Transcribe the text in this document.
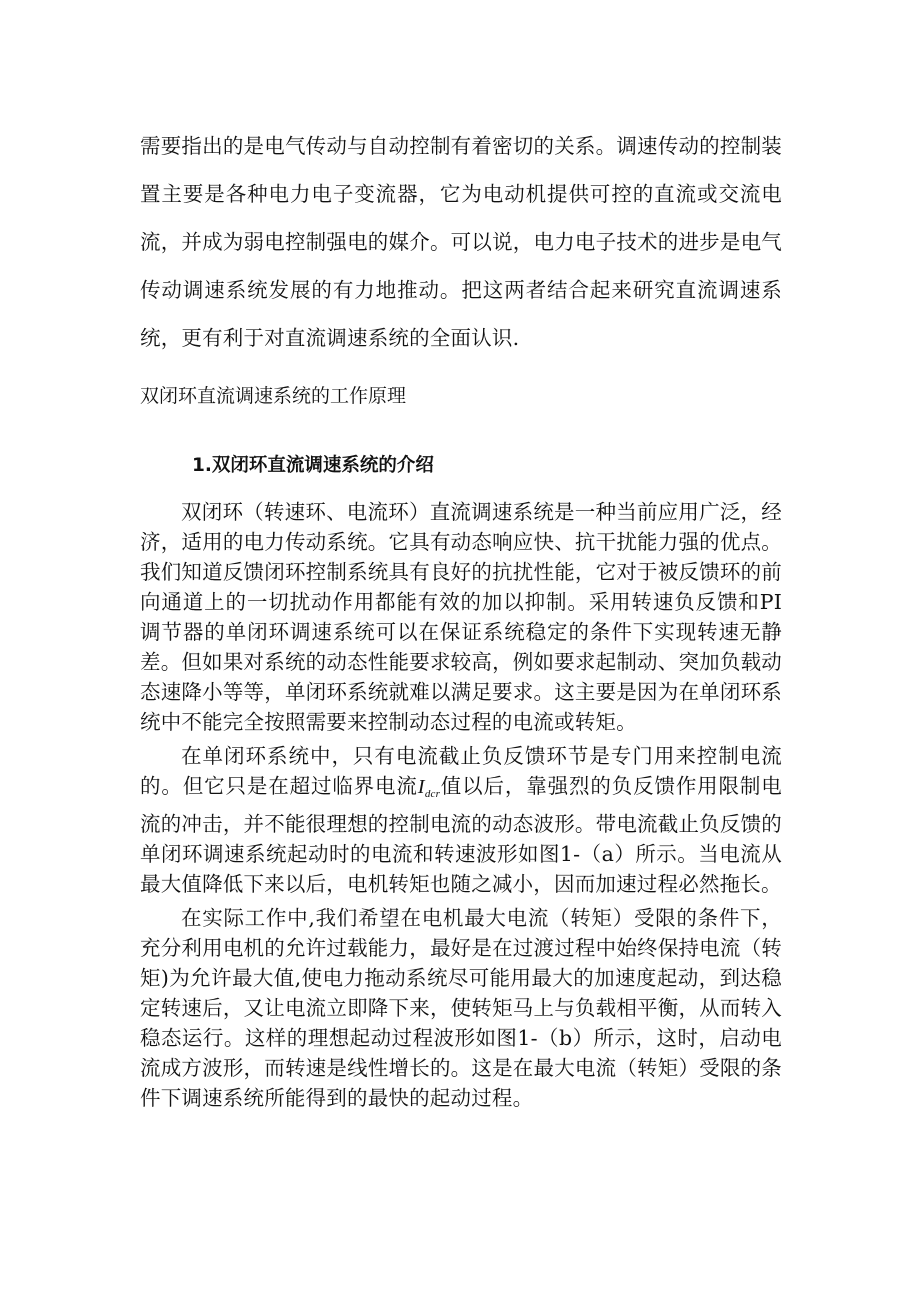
需要指出的是电气传动与自动控制有着密切的关系。调速传动的控制装置主要是各种电力电子变流器，它为电动机提供可控的直流或交流电流，并成为弱电控制强电的媒介。可以说，电力电子技术的进步是电气传动调速系统发展的有力地推动。把这两者结合起来研究直流调速系统，更有利于对直流调速系统的全面认识.
双闭环直流调速系统的工作原理
1.双闭环直流调速系统的介绍

双闭环（转速环、电流环）直流调速系统是一种当前应用广泛，经济，适用的电力传动系统。它具有动态响应快、抗干扰能力强的优点。我们知道反馈闭环控制系统具有良好的抗扰性能，它对于被反馈环的前向通道上的一切扰动作用都能有效的加以抑制。采用转速负反馈和PI调节器的单闭环调速系统可以在保证系统稳定的条件下实现转速无静差。但如果对系统的动态性能要求较高，例如要求起制动、突加负载动态速降小等等，单闭环系统就难以满足要求。这主要是因为在单闭环系统中不能完全按照需要来控制动态过程的电流或转矩。

在单闭环系统中，只有电流截止负反馈环节是专门用来控制电流的。但它只是在超过临界电流$I_{dcr}$值以后，靠强烈的负反馈作用限制电流的冲击，并不能很理想的控制电流的动态波形。带电流截止负反馈的单闭环调速系统起动时的电流和转速波形如图1-（a）所示。当电流从最大值降低下来以后，电机转矩也随之减小，因而加速过程必然拖长。

在实际工作中,我们希望在电机最大电流（转矩）受限的条件下，充分利用电机的允许过载能力，最好是在过渡过程中始终保持电流（转矩)为允许最大值,使电力拖动系统尽可能用最大的加速度起动，到达稳定转速后，又让电流立即降下来，使转矩马上与负载相平衡，从而转入稳态运行。这样的理想起动过程波形如图1-（b）所示，这时，启动电流成方波形，而转速是线性增长的。这是在最大电流（转矩）受限的条件下调速系统所能得到的最快的起动过程。
